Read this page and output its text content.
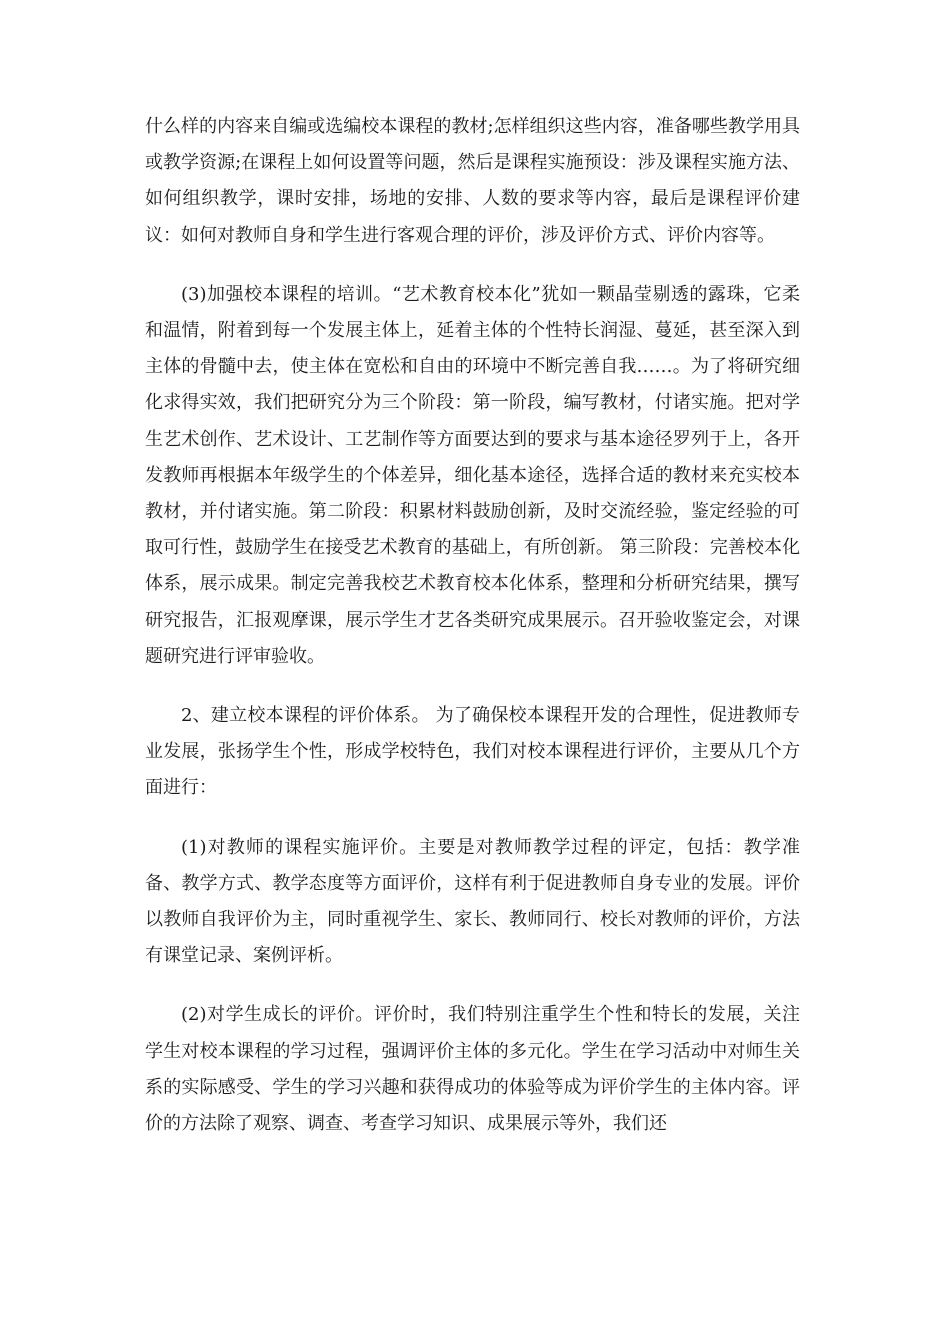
什么样的内容来自编或选编校本课程的教材;怎样组织这些内容，准备哪些教学用具或教学资源;在课程上如何设置等问题，然后是课程实施预设：涉及课程实施方法、如何组织教学，课时安排，场地的安排、人数的要求等内容，最后是课程评价建议：如何对教师自身和学生进行客观合理的评价，涉及评价方式、评价内容等。

(3)加强校本课程的培训。“艺术教育校本化”犹如一颗晶莹剔透的露珠，它柔和温情，附着到每一个发展主体上，延着主体的个性特长润湿、蔓延，甚至深入到主体的骨髓中去，使主体在宽松和自由的环境中不断完善自我……。为了将研究细化求得实效，我们把研究分为三个阶段：第一阶段，编写教材，付诸实施。把对学生艺术创作、艺术设计、工艺制作等方面要达到的要求与基本途径罗列于上，各开发教师再根据本年级学生的个体差异，细化基本途径，选择合适的教材来充实校本教材，并付诸实施。第二阶段：积累材料鼓励创新，及时交流经验，鉴定经验的可取可行性，鼓励学生在接受艺术教育的基础上，有所创新。 第三阶段：完善校本化体系，展示成果。制定完善我校艺术教育校本化体系，整理和分析研究结果，撰写研究报告，汇报观摩课，展示学生才艺各类研究成果展示。召开验收鉴定会，对课题研究进行评审验收。

2、建立校本课程的评价体系。 为了确保校本课程开发的合理性，促进教师专业发展，张扬学生个性，形成学校特色，我们对校本课程进行评价，主要从几个方面进行：

(1)对教师的课程实施评价。主要是对教师教学过程的评定，包括：教学准备、教学方式、教学态度等方面评价，这样有利于促进教师自身专业的发展。评价以教师自我评价为主，同时重视学生、家长、教师同行、校长对教师的评价，方法有课堂记录、案例评析。

(2)对学生成长的评价。评价时，我们特别注重学生个性和特长的发展，关注学生对校本课程的学习过程，强调评价主体的多元化。学生在学习活动中对师生关系的实际感受、学生的学习兴趣和获得成功的体验等成为评价学生的主体内容。评价的方法除了观察、调查、考查学习知识、成果展示等外，我们还
